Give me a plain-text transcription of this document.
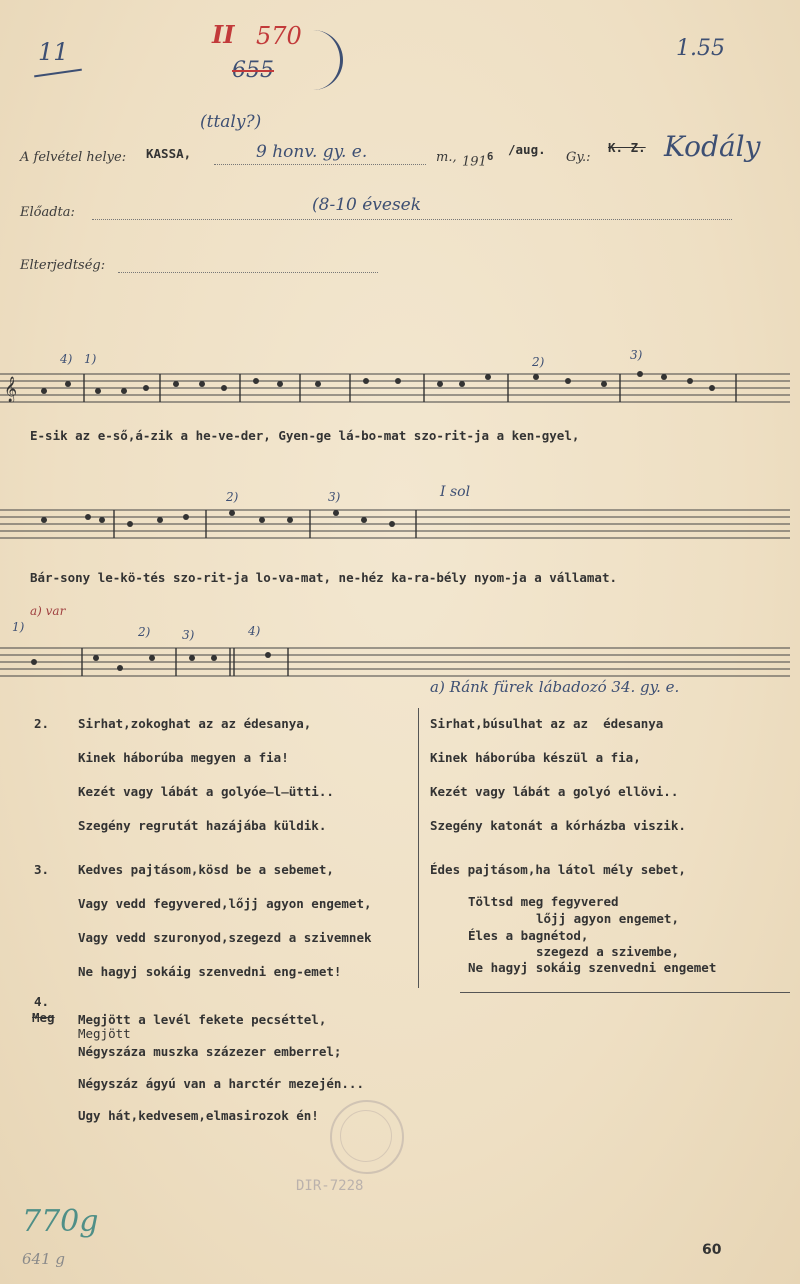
11
II 570
655
1.55
A felvétel helye: KASSA,
(ttaly?)
9 honv. gy. e.	m., $191^6$ /aug.
Gy.:
K. Z. Kodály
Előadta:	(8-10 évesek
Elterjedtség:
𝄞
4) 1)	2)	3)
E-sik az e-ső,á-zik a he-ve-der, Gyen-ge lá-bo-mat szo-rit-ja a ken-gyel,
I sol
2)	3)
Bár-sony le-kö-tés szo-rit-ja lo-va-mat, ne-héz ka-ra-bély nyom-ja a vállamat.
a) var
1)	2)	3)	4)
a) Ránk fürek lábadozó 34. gy. e.
2. Sirhat,zokoghat az az édesanya,
Kinek háborúba megyen a fia!
Kezét vagy lábát a golyóe̶l̶ütti..
Szegény regrutát hazájába küldik.
Sirhat,búsulhat az az  édesanya
Kinek háborúba készül a fia,
Kezét vagy lábát a golyó ellövi..
Szegény katonát a kórházba viszik.
3. Kedves pajtásom,kösd be a sebemet,
Vagy vedd fegyvered,lőjj agyon engemet,
Vagy vedd szuronyod,szegezd a szivemnek
Ne hagyj sokáig szenvedni eng-emet!
Édes pajtásom,ha látol mély sebet,
Töltsd meg fegyvered
lőjj agyon engemet,
Éles a bagnétod,
szegezd a szivembe,
Ne hagyj sokáig szenvedni engemet
4.
Meg
Megjött
Megjött a levél fekete pecséttel,
Négyszáza muszka százezer emberrel;
Négyszáz ágyú van a harctér mezején...
Ugy hát,kedvesem,elmasirozok én!
DIR-7228
770g
641 g	60
